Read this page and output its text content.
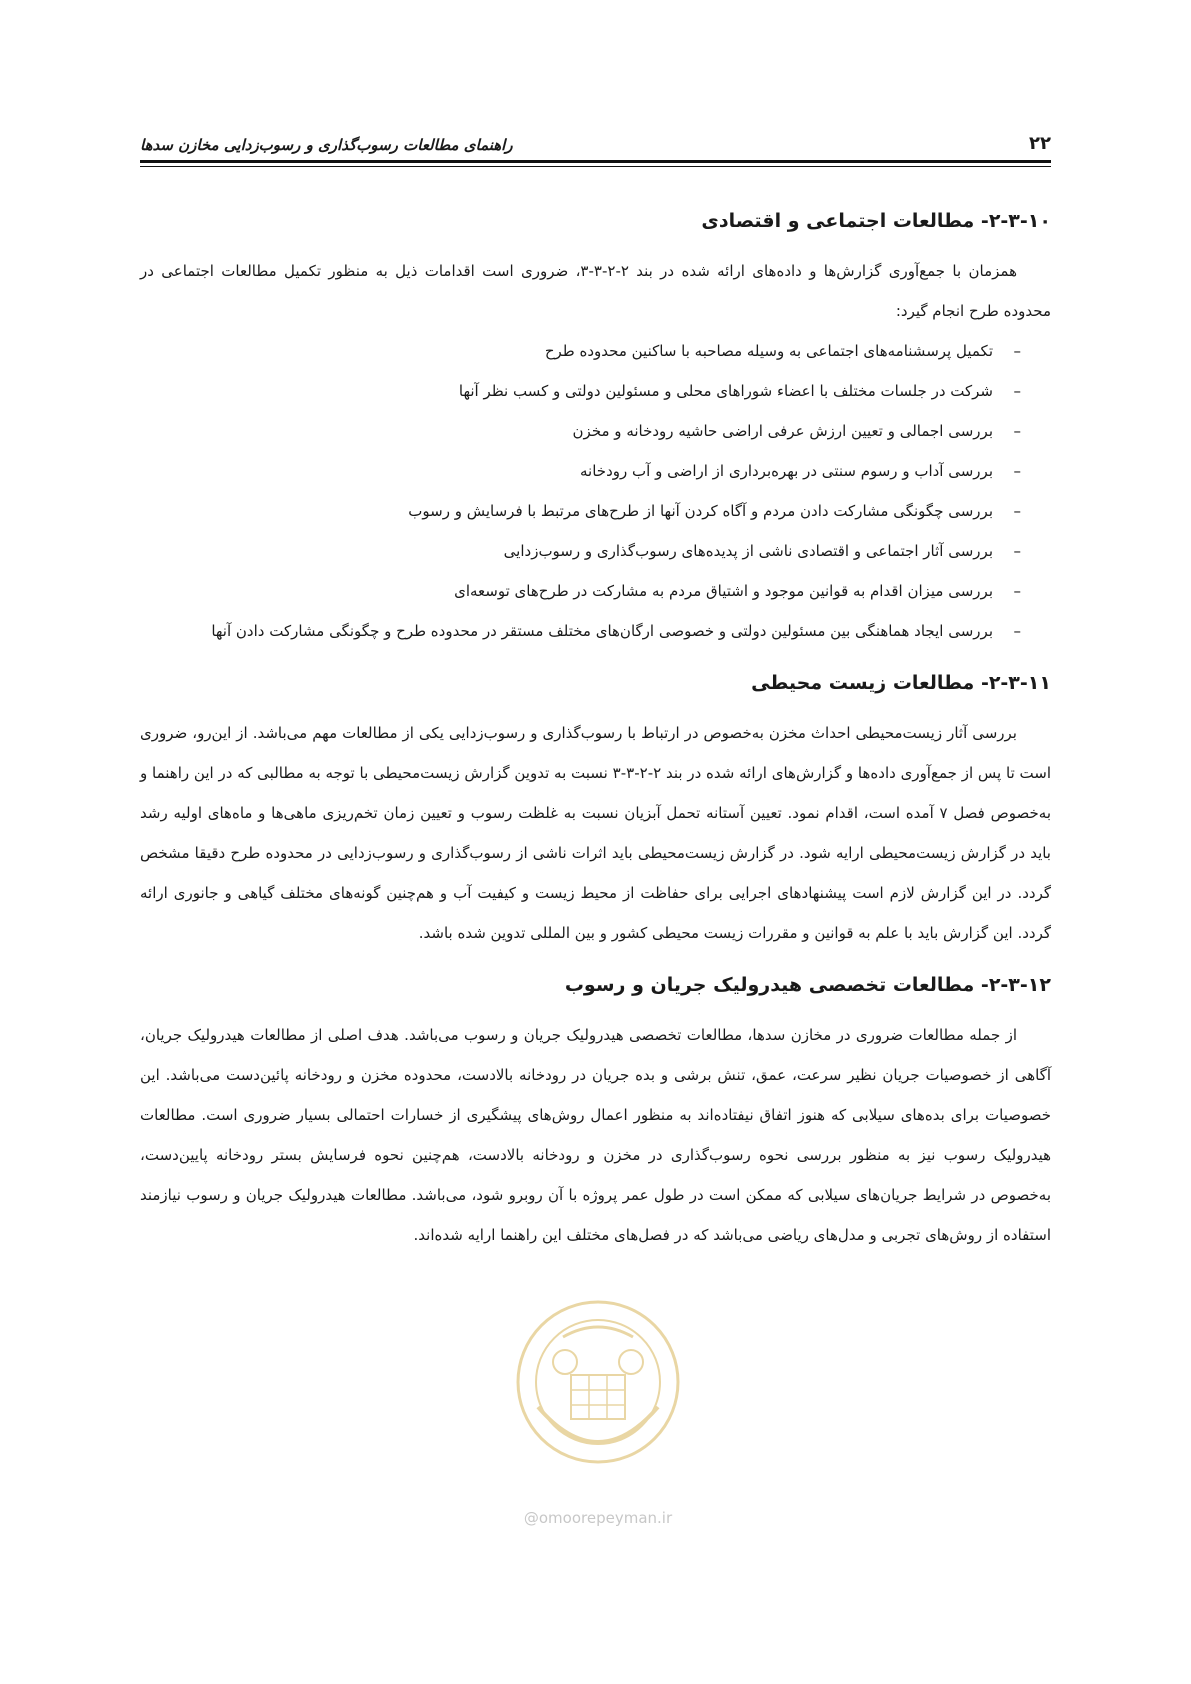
۲۲
راهنمای مطالعات رسوب‌گذاری و رسوب‌زدایی مخازن سدها
۲-۳-۱۰- مطالعات اجتماعی و اقتصادی

همزمان با جمع‌آوری گزارش‌ها و داده‌های ارائه شده در بند ۲-۲-۳-۳، ضروری است اقدامات ذیل به منظور تکمیل مطالعات اجتماعی در محدوده طرح انجام گیرد:

–
تکمیل پرسشنامه‌های اجتماعی به وسیله مصاحبه با ساکنین محدوده طرح
–
شرکت در جلسات مختلف با اعضاء شوراهای محلی و مسئولین دولتی و کسب نظر آنها
–
بررسی اجمالی و تعیین ارزش عرفی اراضی حاشیه رودخانه و مخزن
–
بررسی آداب و رسوم سنتی در بهره‌برداری از اراضی و آب رودخانه
–
بررسی چگونگی مشارکت دادن مردم و آگاه کردن آنها از طرح‌های مرتبط با فرسایش و رسوب
–
بررسی آثار اجتماعی و اقتصادی ناشی از پدیده‌های رسوب‌گذاری و رسوب‌زدایی
–
بررسی میزان اقدام به قوانین موجود و اشتیاق مردم به مشارکت در طرح‌های توسعه‌ای
–
بررسی ایجاد هماهنگی بین مسئولین دولتی و خصوصی ارگان‌های مختلف مستقر در محدوده طرح و چگونگی مشارکت دادن آنها
۲-۳-۱۱- مطالعات زیست محیطی

بررسی آثار زیست‌محیطی احداث مخزن به‌خصوص در ارتباط با رسوب‌گذاری و رسوب‌زدایی یکی از مطالعات مهم می‌باشد. از این‌رو، ضروری است تا پس از جمع‌آوری داده‌ها و گزارش‌های ارائه شده در بند ۲-۲-۳-۳ نسبت به تدوین گزارش زیست‌محیطی با توجه به مطالبی که در این راهنما و به‌خصوص فصل ۷ آمده است، اقدام نمود. تعیین آستانه تحمل آبزیان نسبت به غلظت رسوب و تعیین زمان تخم‌ریزی ماهی‌ها و ماه‌های اولیه رشد باید در گزارش زیست‌محیطی ارایه شود. در گزارش زیست‌محیطی باید اثرات ناشی از رسوب‌گذاری و رسوب‌زدایی در محدوده طرح دقیقا مشخص گردد. در این گزارش لازم است پیشنهادهای اجرایی برای حفاظت از محیط زیست و کیفیت آب و هم‌چنین گونه‌های مختلف گیاهی و جانوری ارائه گردد. این گزارش باید با علم به قوانین و مقررات زیست محیطی کشور و بین المللی تدوین شده باشد.

۲-۳-۱۲- مطالعات تخصصی هیدرولیک جریان و رسوب

از جمله مطالعات ضروری در مخازن سدها، مطالعات تخصصی هیدرولیک جریان و رسوب می‌باشد. هدف اصلی از مطالعات هیدرولیک جریان، آگاهی از خصوصیات جریان نظیر سرعت، عمق، تنش برشی و بده جریان در رودخانه بالادست، محدوده مخزن و رودخانه پائین‌دست می‌باشد. این خصوصیات برای بده‌های سیلابی که هنوز اتفاق نیفتاده‌اند به منظور اعمال روش‌های پیشگیری از خسارات احتمالی بسیار ضروری است. مطالعات هیدرولیک رسوب نیز به منظور بررسی نحوه رسوب‌گذاری در مخزن و رودخانه بالادست، هم‌چنین نحوه فرسایش بستر رودخانه پایین‌دست، به‌خصوص در شرایط جریان‌های سیلابی که ممکن است در طول عمر پروژه با آن روبرو شود، می‌باشد. مطالعات هیدرولیک جریان و رسوب نیازمند استفاده از روش‌های تجربی و مدل‌های ریاضی می‌باشد که در فصل‌های مختلف این راهنما ارایه شده‌اند.

@omoorepeyman.ir
